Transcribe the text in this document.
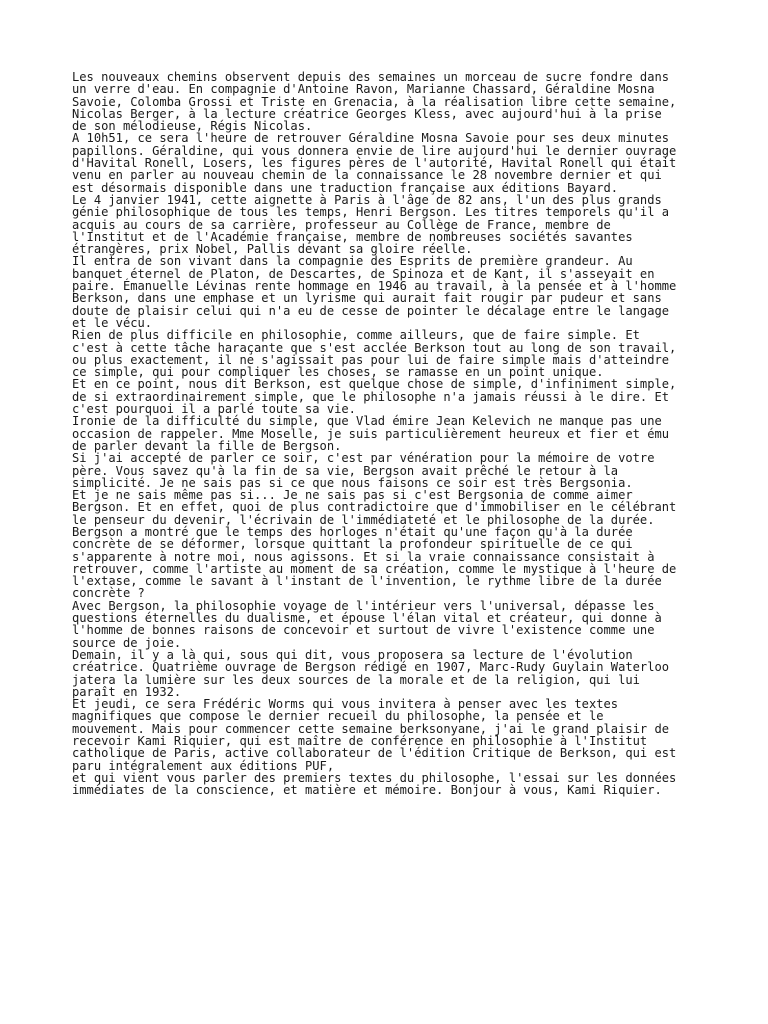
Les nouveaux chemins observent depuis des semaines un morceau de sucre fondre dans
un verre d'eau. En compagnie d'Antoine Ravon, Marianne Chassard, Géraldine Mosna
Savoie, Colomba Grossi et Triste en Grenacia, à la réalisation libre cette semaine,
Nicolas Berger, à la lecture créatrice Georges Kless, avec aujourd'hui à la prise
de son mélodieuse, Régis Nicolas.

A 10h51, ce sera l'heure de retrouver Géraldine Mosna Savoie pour ses deux minutes
papillons. Géraldine, qui vous donnera envie de lire aujourd'hui le dernier ouvrage
d'Havital Ronell, Losers, les figures pères de l'autorité, Havital Ronell qui était
venu en parler au nouveau chemin de la connaissance le 28 novembre dernier et qui
est désormais disponible dans une traduction française aux éditions Bayard.

Le 4 janvier 1941, cette aignette à Paris à l'âge de 82 ans, l'un des plus grands
génie philosophique de tous les temps, Henri Bergson. Les titres temporels qu'il a
acquis au cours de sa carrière, professeur au Collège de France, membre de
l'Institut et de l'Académie française, membre de nombreuses sociétés savantes
étrangères, prix Nobel, Pallis devant sa gloire réelle.

Il entra de son vivant dans la compagnie des Esprits de première grandeur. Au
banquet éternel de Platon, de Descartes, de Spinoza et de Kant, il s'asseyait en
paire. Émanuelle Lévinas rente hommage en 1946 au travail, à la pensée et à l'homme
Berkson, dans une emphase et un lyrisme qui aurait fait rougir par pudeur et sans
doute de plaisir celui qui n'a eu de cesse de pointer le décalage entre le langage
et le vécu.

Rien de plus difficile en philosophie, comme ailleurs, que de faire simple. Et
c'est à cette tâche haraçante que s'est acclée Berkson tout au long de son travail,
ou plus exactement, il ne s'agissait pas pour lui de faire simple mais d'atteindre
ce simple, qui pour compliquer les choses, se ramasse en un point unique.

Et en ce point, nous dit Berkson, est quelque chose de simple, d'infiniment simple,
de si extraordinairement simple, que le philosophe n'a jamais réussi à le dire. Et
c'est pourquoi il a parlé toute sa vie.

Ironie de la difficulté du simple, que Vlad émire Jean Kelevich ne manque pas une
occasion de rappeler. Mme Moselle, je suis particulièrement heureux et fier et ému
de parler devant la fille de Bergson.

Si j'ai accepté de parler ce soir, c'est par vénération pour la mémoire de votre
père. Vous savez qu'à la fin de sa vie, Bergson avait prêché le retour à la
simplicité. Je ne sais pas si ce que nous faisons ce soir est très Bergsonia.

Et je ne sais même pas si... Je ne sais pas si c'est Bergsonia de comme aimer
Bergson. Et en effet, quoi de plus contradictoire que d'immobiliser en le célébrant
le penseur du devenir, l'écrivain de l'immédiateté et le philosophe de la durée.
Bergson a montré que le temps des horloges n'était qu'une façon qu'à la durée
concrète de se déformer, lorsque quittant la profondeur spirituelle de ce qui
s'apparente à notre moi, nous agissons. Et si la vraie connaissance consistait à
retrouver, comme l'artiste au moment de sa création, comme le mystique à l'heure de
l'extase, comme le savant à l'instant de l'invention, le rythme libre de la durée
concrète ?

Avec Bergson, la philosophie voyage de l'intérieur vers l'universal, dépasse les
questions éternelles du dualisme, et épouse l'élan vital et créateur, qui donne à
l'homme de bonnes raisons de concevoir et surtout de vivre l'existence comme une
source de joie.

Demain, il y a là qui, sous qui dit, vous proposera sa lecture de l'évolution
créatrice. Quatrième ouvrage de Bergson rédigé en 1907, Marc-Rudy Guylain Waterloo
jatera la lumière sur les deux sources de la morale et de la religion, qui lui
paraît en 1932.

Et jeudi, ce sera Frédéric Worms qui vous invitera à penser avec les textes
magnifiques que compose le dernier recueil du philosophe, la pensée et le
mouvement. Mais pour commencer cette semaine berksonyane, j'ai le grand plaisir de
recevoir Kami Riquier, qui est maître de conférence en philosophie à l'Institut
catholique de Paris, active collaborateur de l'édition Critique de Berkson, qui est
paru intégralement aux éditions PUF,

et qui vient vous parler des premiers textes du philosophe, l'essai sur les données
immédiates de la conscience, et matière et mémoire. Bonjour à vous, Kami Riquier.
